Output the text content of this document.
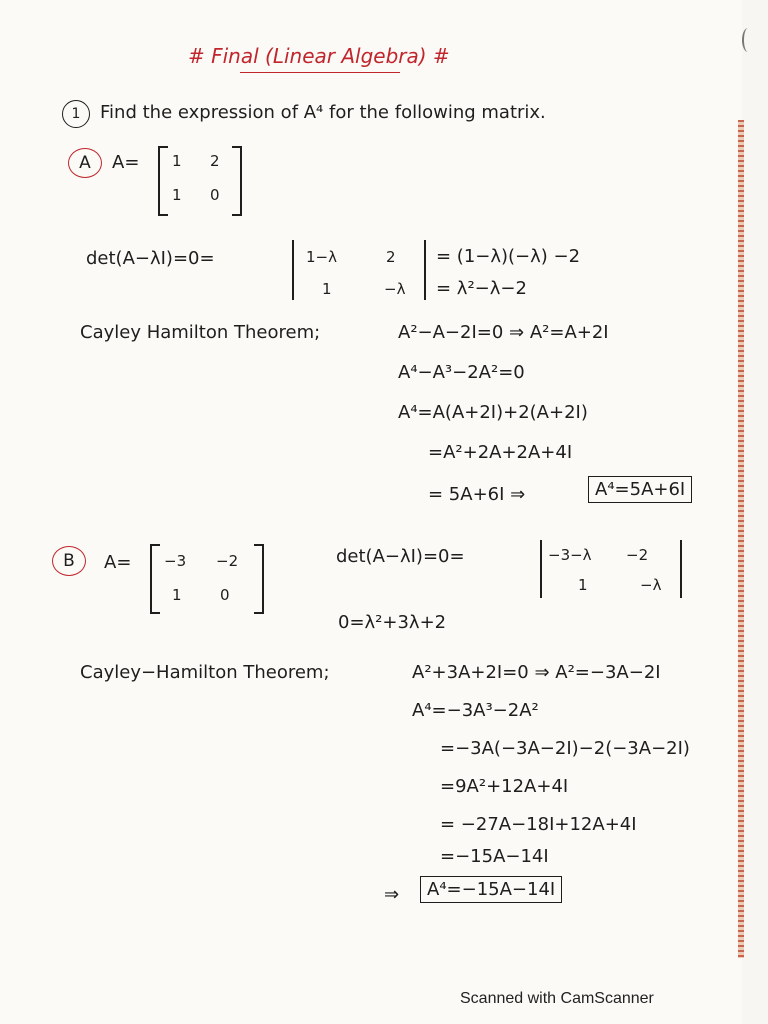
# Final (Linear Algebra) #
1	Find the expression of A⁴ for the following matrix.
A	A= 1 2
1 0
det(A−λI)=0=	1−λ	2
1	−λ
= (1−λ)(−λ) −2
= λ²−λ−2
Cayley Hamilton Theorem;	A²−A−2I=0 ⇒ A²=A+2I
A⁴−A³−2A²=0
A⁴=A(A+2I)+2(A+2I)
=A²+2A+2A+4I
= 5A+6I ⇒	A⁴=5A+6I
B	A= −3 −2
1	0
det(A−λI)=0=	−3−λ −2
1	−λ
0=λ²+3λ+2
Cayley−Hamilton Theorem;	A²+3A+2I=0 ⇒ A²=−3A−2I
A⁴=−3A³−2A²
=−3A(−3A−2I)−2(−3A−2I)
=9A²+12A+4I
= −27A−18I+12A+4I
=−15A−14I
⇒	A⁴=−15A−14I
Scanned with CamScanner
